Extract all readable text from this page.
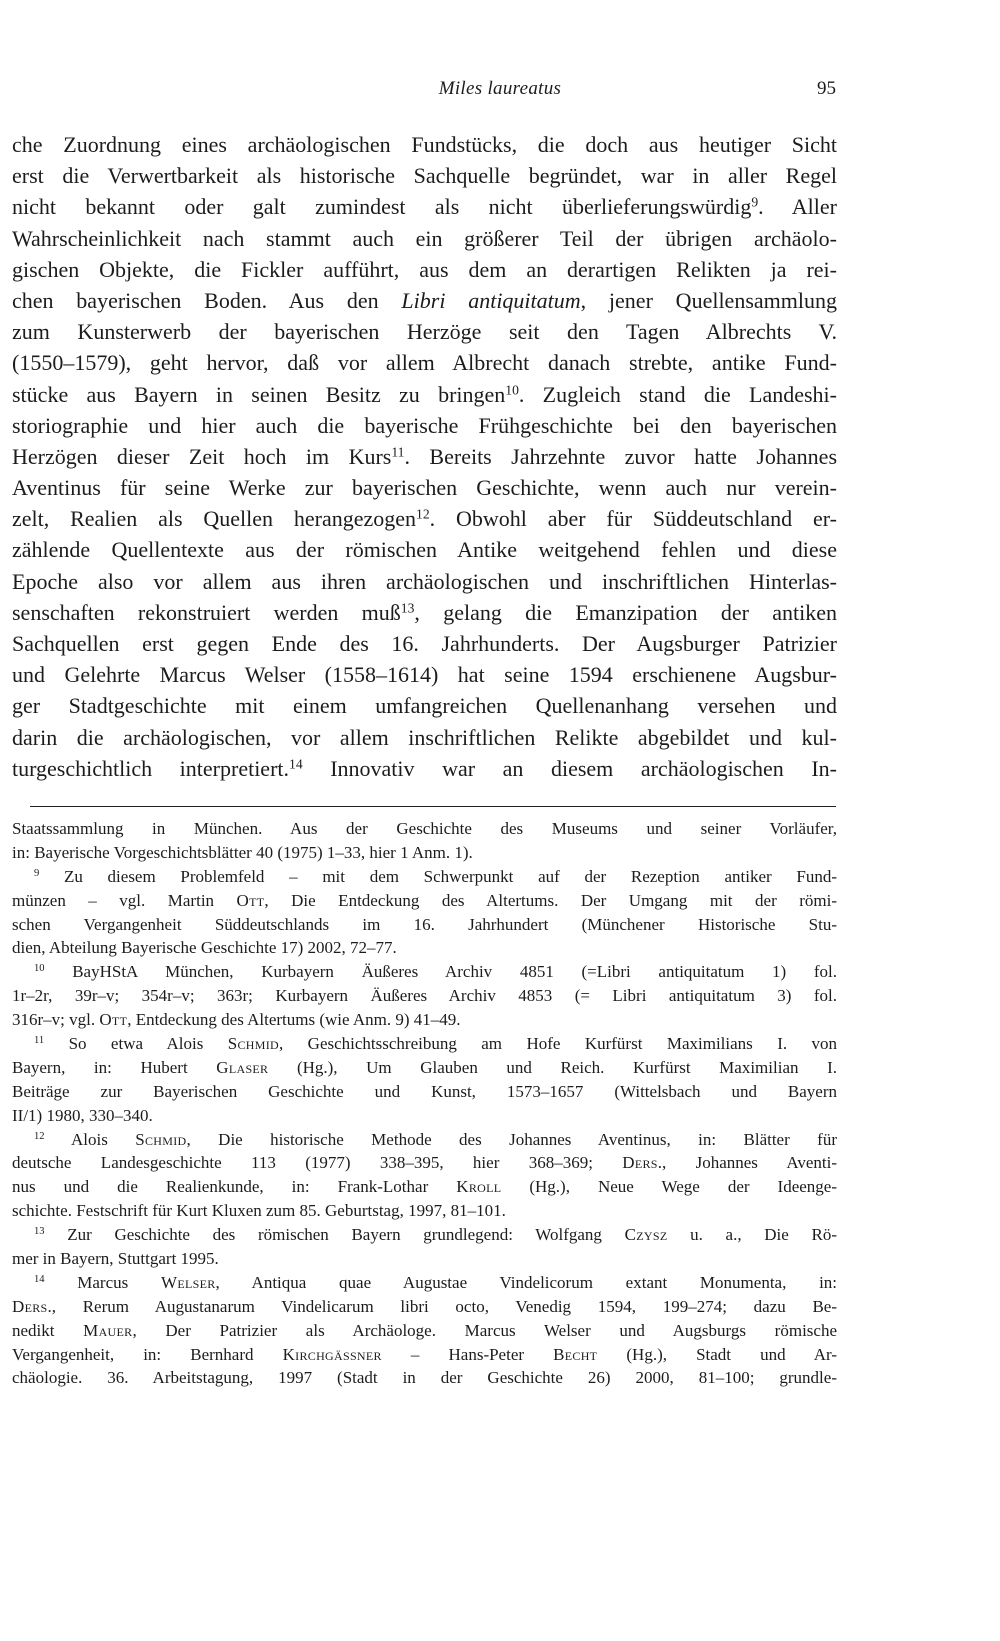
Miles laureatus	95
che Zuordnung eines archäologischen Fundstücks, die doch aus heutiger Sicht
erst die Verwertbarkeit als historische Sachquelle begründet, war in aller Regel
nicht bekannt oder galt zumindest als nicht überlieferungswürdig$^9$. Aller
Wahrscheinlichkeit nach stammt auch ein größerer Teil der übrigen archäolo-
gischen Objekte, die Fickler aufführt, aus dem an derartigen Relikten ja rei-
chen bayerischen Boden. Aus den Libri antiquitatum, jener Quellensammlung
zum Kunsterwerb der bayerischen Herzöge seit den Tagen Albrechts V.
(1550–1579), geht hervor, daß vor allem Albrecht danach strebte, antike Fund-
stücke aus Bayern in seinen Besitz zu bringen$^{10}$. Zugleich stand die Landeshi-
storiographie und hier auch die bayerische Frühgeschichte bei den bayerischen
Herzögen dieser Zeit hoch im Kurs$^{11}$. Bereits Jahrzehnte zuvor hatte Johannes
Aventinus für seine Werke zur bayerischen Geschichte, wenn auch nur verein-
zelt, Realien als Quellen herangezogen$^{12}$. Obwohl aber für Süddeutschland er-
zählende Quellentexte aus der römischen Antike weitgehend fehlen und diese
Epoche also vor allem aus ihren archäologischen und inschriftlichen Hinterlas-
senschaften rekonstruiert werden muß$^{13}$, gelang die Emanzipation der antiken
Sachquellen erst gegen Ende des 16. Jahrhunderts. Der Augsburger Patrizier
und Gelehrte Marcus Welser (1558–1614) hat seine 1594 erschienene Augsbur-
ger Stadtgeschichte mit einem umfangreichen Quellenanhang versehen und
darin die archäologischen, vor allem inschriftlichen Relikte abgebildet und kul-
turgeschichtlich interpretiert.$^{14}$ Innovativ war an diesem archäologischen In-
Staatssammlung in München. Aus der Geschichte des Museums und seiner Vorläufer,
in: Bayerische Vorgeschichtsblätter 40 (1975) 1–33, hier 1 Anm. 1).
$^9$ Zu diesem Problemfeld – mit dem Schwerpunkt auf der Rezeption antiker Fund-
münzen – vgl. Martin Ott, Die Entdeckung des Altertums. Der Umgang mit der römi-
schen Vergangenheit Süddeutschlands im 16. Jahrhundert (Münchener Historische Stu-
dien, Abteilung Bayerische Geschichte 17) 2002, 72–77.
$^{10}$ BayHStA München, Kurbayern Äußeres Archiv 4851 (=Libri antiquitatum 1) fol.
1r–2r, 39r–v; 354r–v; 363r; Kurbayern Äußeres Archiv 4853 (= Libri antiquitatum 3) fol.
316r–v; vgl. Ott, Entdeckung des Altertums (wie Anm. 9) 41–49.
$^{11}$ So etwa Alois Schmid, Geschichtsschreibung am Hofe Kurfürst Maximilians I. von
Bayern, in: Hubert Glaser (Hg.), Um Glauben und Reich. Kurfürst Maximilian I.
Beiträge zur Bayerischen Geschichte und Kunst, 1573–1657 (Wittelsbach und Bayern
II/1) 1980, 330–340.
$^{12}$ Alois Schmid, Die historische Methode des Johannes Aventinus, in: Blätter für
deutsche Landesgeschichte 113 (1977) 338–395, hier 368–369; Ders., Johannes Aventi-
nus und die Realienkunde, in: Frank-Lothar Kroll (Hg.), Neue Wege der Ideenge-
schichte. Festschrift für Kurt Kluxen zum 85. Geburtstag, 1997, 81–101.
$^{13}$ Zur Geschichte des römischen Bayern grundlegend: Wolfgang Czysz u. a., Die Rö-
mer in Bayern, Stuttgart 1995.
$^{14}$ Marcus Welser, Antiqua quae Augustae Vindelicorum extant Monumenta, in:
Ders., Rerum Augustanarum Vindelicarum libri octo, Venedig 1594, 199–274; dazu Be-
nedikt Mauer, Der Patrizier als Archäologe. Marcus Welser und Augsburgs römische
Vergangenheit, in: Bernhard Kirchgässner – Hans-Peter Becht (Hg.), Stadt und Ar-
chäologie. 36. Arbeitstagung, 1997 (Stadt in der Geschichte 26) 2000, 81–100; grundle-
